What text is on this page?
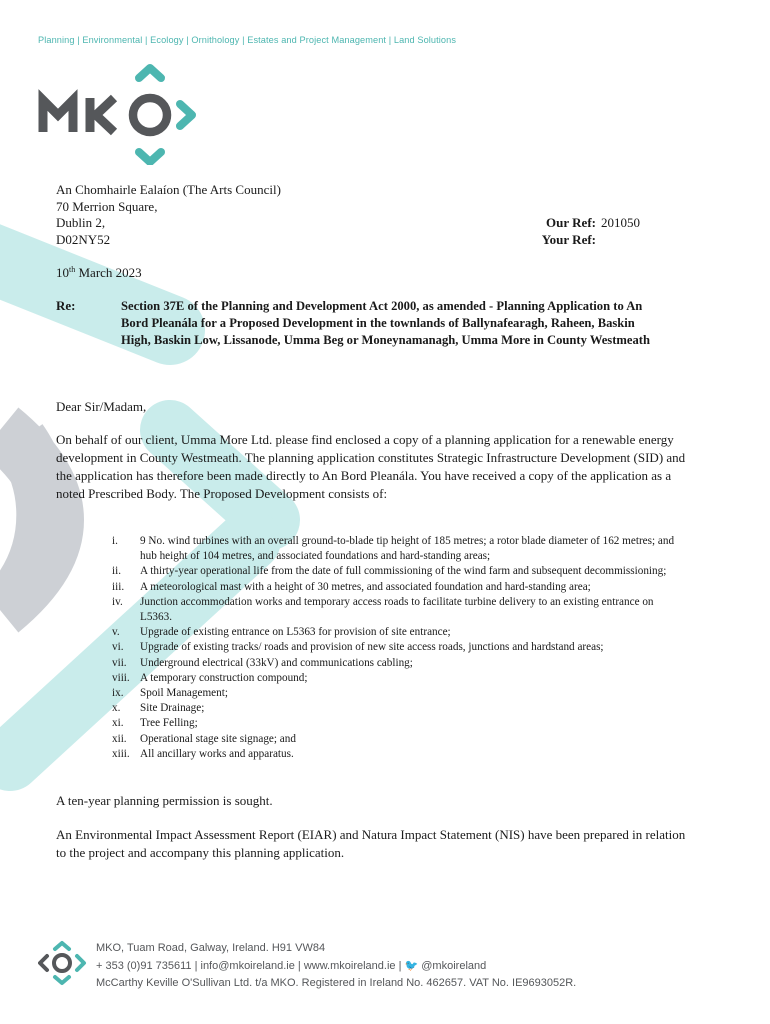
Planning | Environmental | Ecology | Ornithology | Estates and Project Management | Land Solutions
An Chomhairle Ealaíon (The Arts Council)
70 Merrion Square,
Dublin 2,
D02NY52
Our Ref: 201050
Your Ref:
10th March 2023
Re:	Section 37E of the Planning and Development Act 2000, as amended - Planning Application to An Bord Pleanála for a Proposed Development in the townlands of Ballynafearagh, Raheen, Baskin High, Baskin Low, Lissanode, Umma Beg or Moneynamanagh, Umma More in County Westmeath
Dear Sir/Madam,
On behalf of our client, Umma More Ltd. please find enclosed a copy of a planning application for a renewable energy development in County Westmeath. The planning application constitutes Strategic Infrastructure Development (SID) and the application has therefore been made directly to An Bord Pleanála. You have received a copy of the application as a noted Prescribed Body. The Proposed Development consists of:
i.	9 No. wind turbines with an overall ground-to-blade tip height of 185 metres; a rotor blade diameter of 162 metres; and hub height of 104 metres, and associated foundations and hard-standing areas;
ii.	A thirty-year operational life from the date of full commissioning of the wind farm and subsequent decommissioning;
iii.	A meteorological mast with a height of 30 metres, and associated foundation and hard-standing area;
iv.	Junction accommodation works and temporary access roads to facilitate turbine delivery to an existing entrance on L5363.
v.	Upgrade of existing entrance on L5363 for provision of site entrance;
vi.	Upgrade of existing tracks/ roads and provision of new site access roads, junctions and hardstand areas;
vii.	Underground electrical (33kV) and communications cabling;
viii. A temporary construction compound;
ix.	Spoil Management;
x.	Site Drainage;
xi.	Tree Felling;
xii.	Operational stage site signage; and
xiii. All ancillary works and apparatus.
A ten-year planning permission is sought.
An Environmental Impact Assessment Report (EIAR) and Natura Impact Statement (NIS) have been prepared in relation to the project and accompany this planning application.
MKO, Tuam Road, Galway, Ireland. H91 VW84
+ 353 (0)91 735611 | info@mkoireland.ie | www.mkoireland.ie | 🐦 @mkoireland
McCarthy Keville O'Sullivan Ltd. t/a MKO. Registered in Ireland No. 462657. VAT No. IE9693052R.
